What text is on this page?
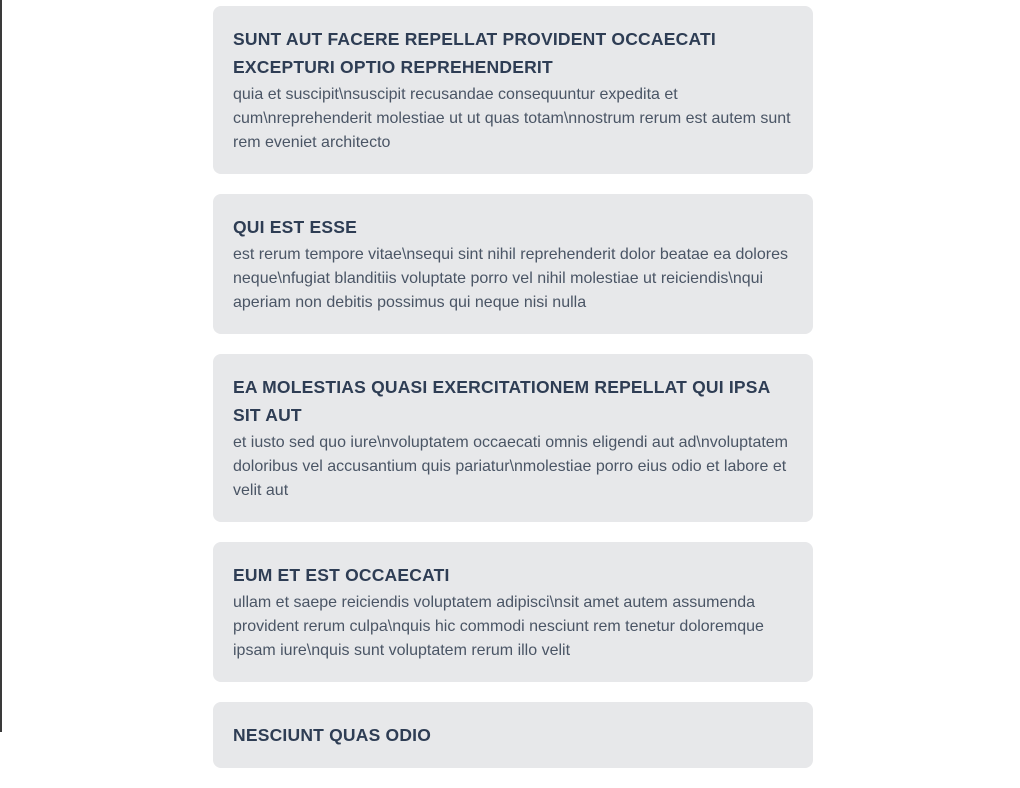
SUNT AUT FACERE REPELLAT PROVIDENT OCCAECATI EXCEPTURI OPTIO REPREHENDERIT

quia et suscipit\nsuscipit recusandae consequuntur expedita et cum\nreprehenderit molestiae ut ut quas totam\nnostrum rerum est autem sunt rem eveniet architecto

QUI EST ESSE

est rerum tempore vitae\nsequi sint nihil reprehenderit dolor beatae ea dolores neque\nfugiat blanditiis voluptate porro vel nihil molestiae ut reiciendis\nqui aperiam non debitis possimus qui neque nisi nulla

EA MOLESTIAS QUASI EXERCITATIONEM REPELLAT QUI IPSA SIT AUT

et iusto sed quo iure\nvoluptatem occaecati omnis eligendi aut ad\nvoluptatem doloribus vel accusantium quis pariatur\nmolestiae porro eius odio et labore et velit aut

EUM ET EST OCCAECATI

ullam et saepe reiciendis voluptatem adipisci\nsit amet autem assumenda provident rerum culpa\nquis hic commodi nesciunt rem tenetur doloremque ipsam iure\nquis sunt voluptatem rerum illo velit

NESCIUNT QUAS ODIO
